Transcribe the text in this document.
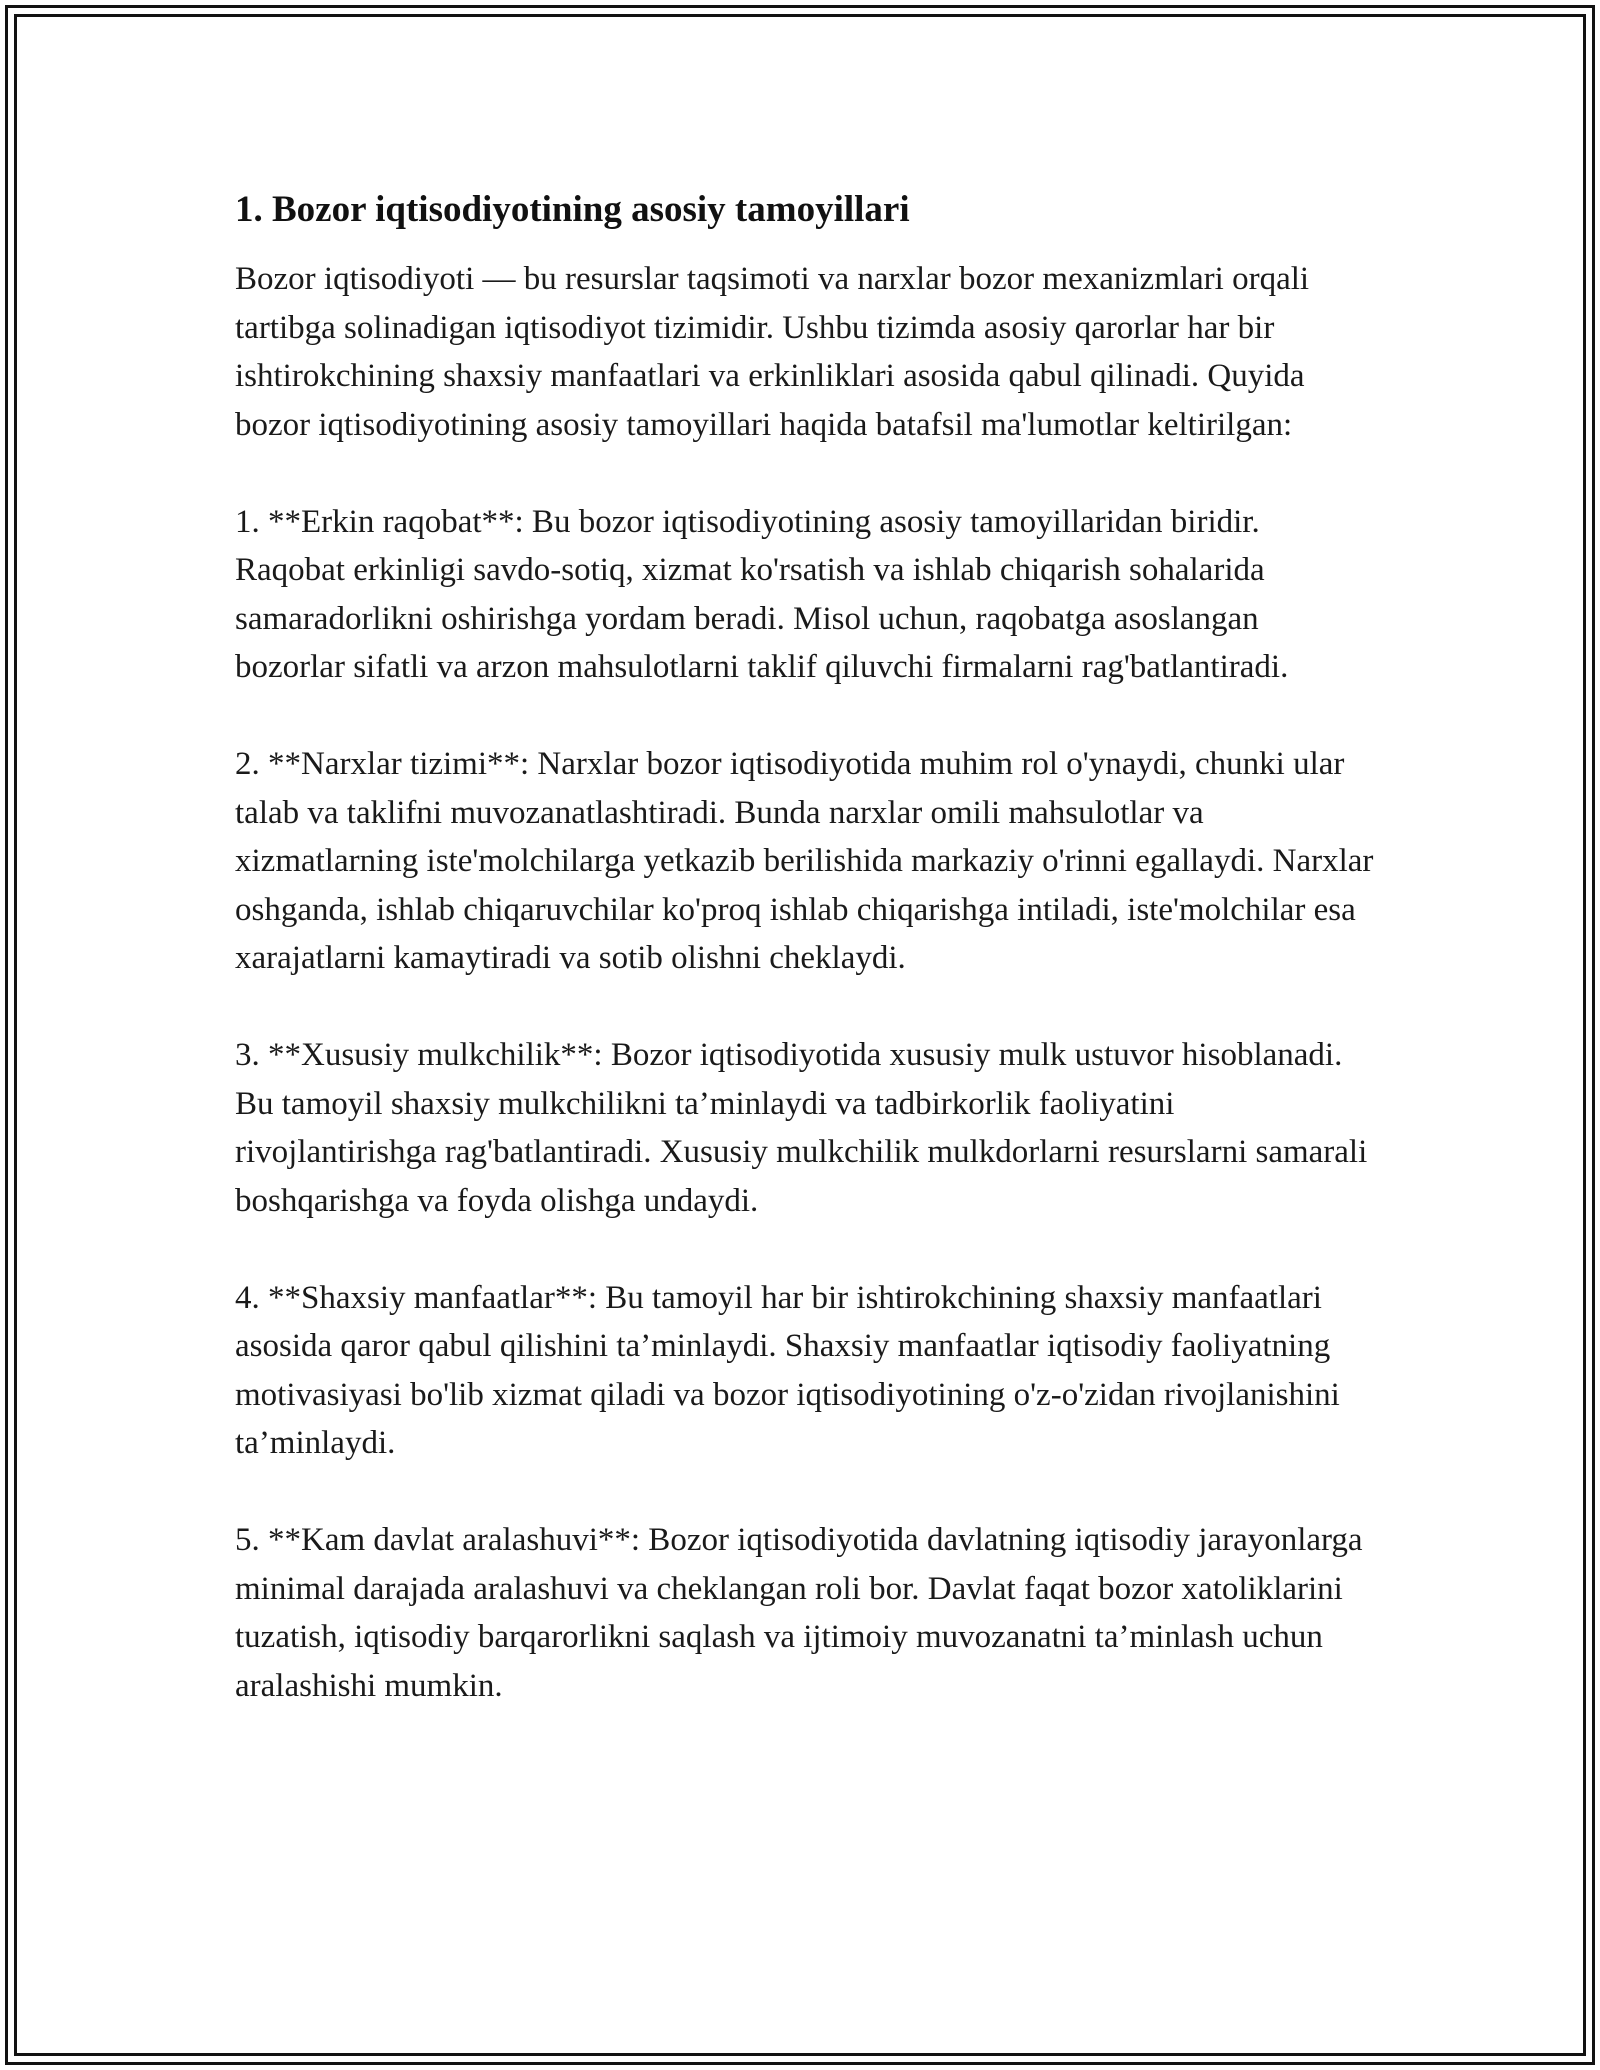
1. Bozor iqtisodiyotining asosiy tamoyillari

Bozor iqtisodiyoti — bu resurslar taqsimoti va narxlar bozor mexanizmlari orqali tartibga solinadigan iqtisodiyot tizimidir. Ushbu tizimda asosiy qarorlar har bir ishtirokchining shaxsiy manfaatlari va erkinliklari asosida qabul qilinadi. Quyida bozor iqtisodiyotining asosiy tamoyillari haqida batafsil ma'lumotlar keltirilgan:

1. **Erkin raqobat**: Bu bozor iqtisodiyotining asosiy tamoyillaridan biridir. Raqobat erkinligi savdo-sotiq, xizmat ko'rsatish va ishlab chiqarish sohalarida samaradorlikni oshirishga yordam beradi. Misol uchun, raqobatga asoslangan bozorlar sifatli va arzon mahsulotlarni taklif qiluvchi firmalarni rag'batlantiradi.

2. **Narxlar tizimi**: Narxlar bozor iqtisodiyotida muhim rol o'ynaydi, chunki ular talab va taklifni muvozanatlashtiradi. Bunda narxlar omili mahsulotlar va xizmatlarning iste'molchilarga yetkazib berilishida markaziy o'rinni egallaydi. Narxlar oshganda, ishlab chiqaruvchilar ko'proq ishlab chiqarishga intiladi, iste'molchilar esa xarajatlarni kamaytiradi va sotib olishni cheklaydi.

3. **Xususiy mulkchilik**: Bozor iqtisodiyotida xususiy mulk ustuvor hisoblanadi. Bu tamoyil shaxsiy mulkchilikni ta’minlaydi va tadbirkorlik faoliyatini rivojlantirishga rag'batlantiradi. Xususiy mulkchilik mulkdorlarni resurslarni samarali boshqarishga va foyda olishga undaydi.

4. **Shaxsiy manfaatlar**: Bu tamoyil har bir ishtirokchining shaxsiy manfaatlari asosida qaror qabul qilishini ta’minlaydi. Shaxsiy manfaatlar iqtisodiy faoliyatning motivasiyasi bo'lib xizmat qiladi va bozor iqtisodiyotining o'z-o'zidan rivojlanishini ta’minlaydi.

5. **Kam davlat aralashuvi**: Bozor iqtisodiyotida davlatning iqtisodiy jarayonlarga minimal darajada aralashuvi va cheklangan roli bor. Davlat faqat bozor xatoliklarini tuzatish, iqtisodiy barqarorlikni saqlash va ijtimoiy muvozanatni ta’minlash uchun aralashishi mumkin.
